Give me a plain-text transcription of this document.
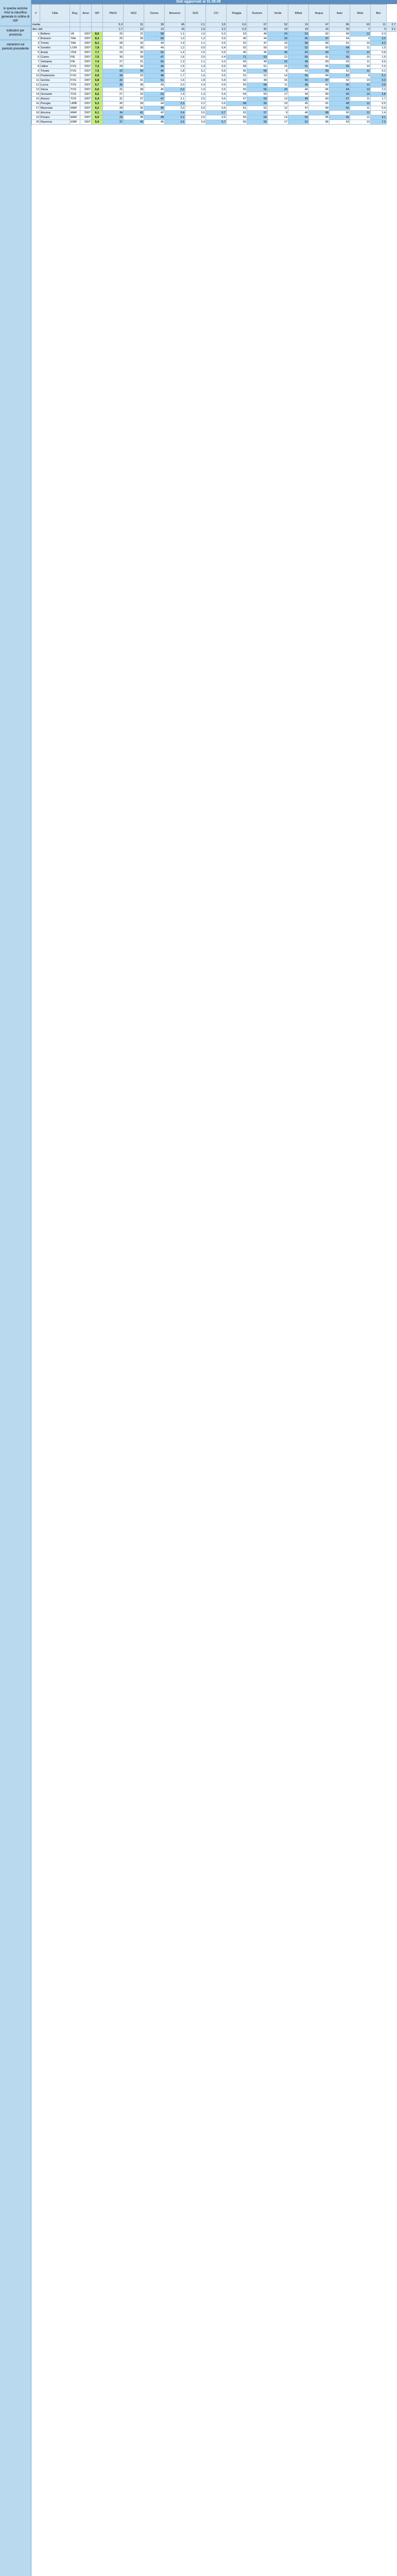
Dati aggiornati al 31.08.08
in questa sezione trovi la classifica generale in ordine di ISP
indicatori per provincia
variazioni sul periodo precedente
#	Città	Reg.	Anno	ISP	PM10	NO2	Ozono	Benzene	SO2	CO	Pioggia	Rumore	Verde	Rifiuti	Acqua	Auto	Moto	Bici	
media					5,3	31	39	45	2,1	3,5	0,6	67	52	19	47	86	63	11	2,7
dev. std.					1,7	12	13	19	1,0	2,2	0,3	42	19	19	16	20	7	3	3,1
1	Belluno	VE	2007	8,6	20	22	58	1,1	1,0	0,3	53	48	24	53	82	58	12	0,3	
2	Bolzano	TAA	2007	8,3	26	36	50	1,0	1,2	0,6	46	44	29	65	97	54	9	3,0	
3	Trento	TAA	2007	8,1	28	32	44	1,9	2,1	0,5	52	47	18	58	84	61	10	4,2	
4	Sondrio	LOM	2007	7,9	31	30	40	1,2	0,9	0,4	63	50	10	52	80	64	11	1,0	
5	Aosta	VDA	2007	7,7	24	35	52	1,4	1,5	0,5	45	46	36	50	90	72	12	0,8	
6	Cuneo	PIE	2007	7,5	30	28	47	1,6	2,0	0,4	71	53	12	55	81	66	10	1,9	
7	Verbania	PIE	2007	7,4	27	31	55	1,3	1,1	0,3	60	49	22	49	83	63	11	0,6	
8	Udine	FVG	2007	7,2	29	34	49	1,5	1,4	0,5	58	51	15	51	85	65	10	2,4	
9	Trieste	FVG	2007	7,0	33	40	46	1,8	3,1	0,6	66	58	8	43	89	52	12	0,2	
10	Pordenone	FVG	2007	6,9	34	33	48	1,7	1,6	0,5	51	52	14	56	84	67	9	5,1	
11	Gorizia	FVG	2007	6,8	32	31	51	1,6	1,8	0,4	62	49	16	50	87	62	10	3,3	
12	Lucca	TOS	2007	6,7	35	36	43	2,0	2,4	0,6	55	54	11	48	82	66	12	3,6	
13	Siena	TOS	2007	6,6	26	38	45	2,2	1,9	0,5	59	55	20	46	86	64	13	2,0	
14	Grosseto	TOS	2007	6,5	27	29	53	1,9	1,3	0,4	64	50	17	44	80	65	14	2,8	
15	Arezzo	TOS	2007	6,4	31	37	47	2,1	2,5	0,6	57	53	13	49	83	67	11	1,7	
16	Perugia	UMB	2007	6,3	30	39	44	2,3	2,2	0,6	68	56	19	45	81	68	12	0,5	
17	Macerata	MAR	2007	6,2	28	35	46	2,0	2,0	0,5	61	52	12	47	84	66	11	0,9	
18	Ancona	MAR	2007	6,1	34	41	42	2,4	3,0	0,7	63	57	9	46	88	60	12	1,4	
19	Pesaro	MAR	2007	6,0	33	38	48	2,2	2,6	0,6	56	54	14	50	85	65	11	4,1	
20	Ravenna	EMR	2007	5,9	37	40	45	2,5	3,4	0,7	60	55	17	52	86	63	10	7,0	
